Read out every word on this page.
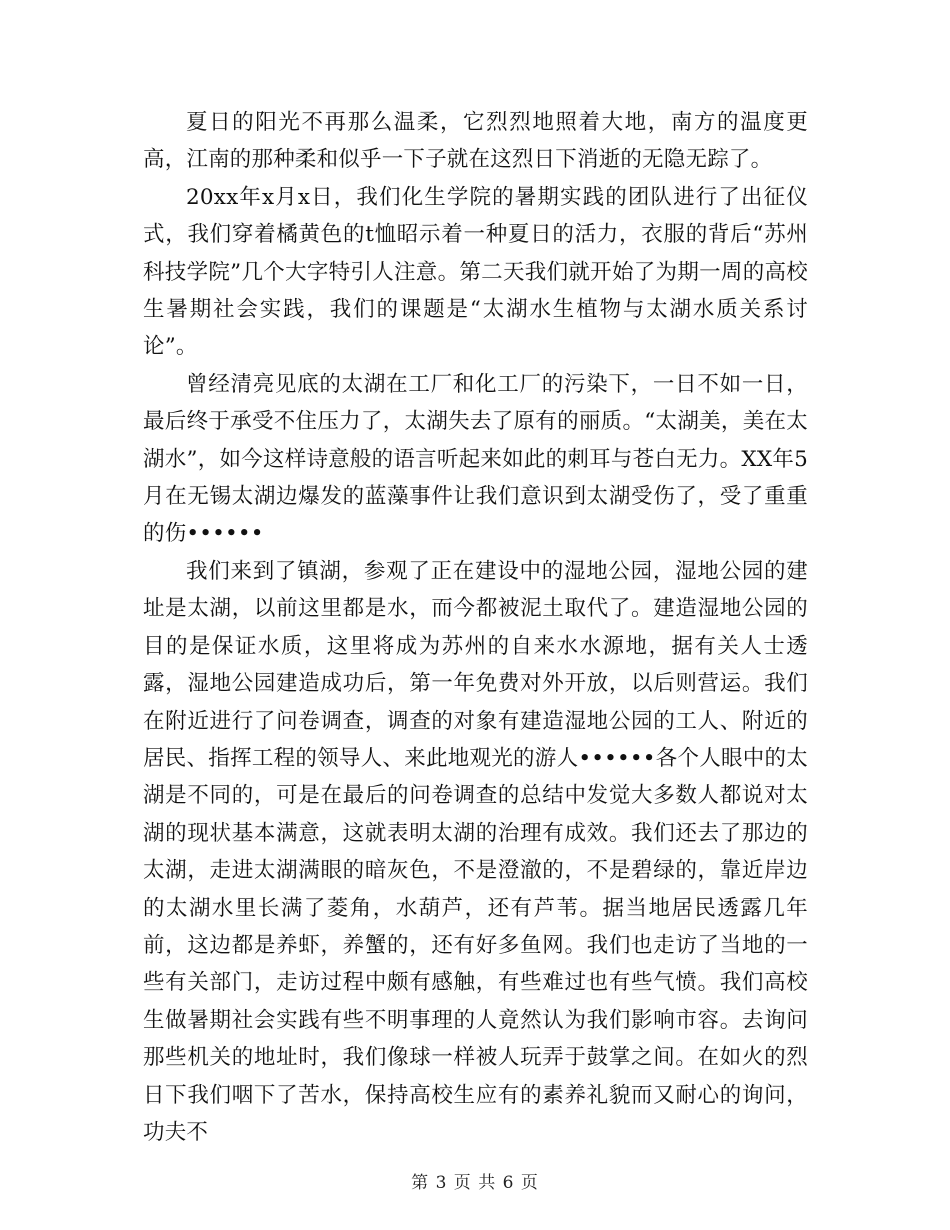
夏日的阳光不再那么温柔，它烈烈地照着大地，南方的温度更高，江南的那种柔和似乎一下子就在这烈日下消逝的无隐无踪了。

20xx年x月x日，我们化生学院的暑期实践的团队进行了出征仪式，我们穿着橘黄色的t恤昭示着一种夏日的活力，衣服的背后“苏州科技学院”几个大字特引人注意。第二天我们就开始了为期一周的高校生暑期社会实践，我们的课题是“太湖水生植物与太湖水质关系讨论”。

曾经清亮见底的太湖在工厂和化工厂的污染下，一日不如一日，最后终于承受不住压力了，太湖失去了原有的丽质。“太湖美，美在太湖水”，如今这样诗意般的语言听起来如此的刺耳与苍白无力。XX年5月在无锡太湖边爆发的蓝藻事件让我们意识到太湖受伤了，受了重重的伤••••••

我们来到了镇湖，参观了正在建设中的湿地公园，湿地公园的建址是太湖，以前这里都是水，而今都被泥土取代了。建造湿地公园的目的是保证水质，这里将成为苏州的自来水水源地，据有关人士透露，湿地公园建造成功后，第一年免费对外开放，以后则营运。我们在附近进行了问卷调查，调查的对象有建造湿地公园的工人、附近的居民、指挥工程的领导人、来此地观光的游人••••••各个人眼中的太湖是不同的，可是在最后的问卷调查的总结中发觉大多数人都说对太湖的现状基本满意，这就表明太湖的治理有成效。我们还去了那边的太湖，走进太湖满眼的暗灰色，不是澄澈的，不是碧绿的，靠近岸边的太湖水里长满了菱角，水葫芦，还有芦苇。据当地居民透露几年前，这边都是养虾，养蟹的，还有好多鱼网。我们也走访了当地的一些有关部门，走访过程中颇有感触，有些难过也有些气愤。我们高校生做暑期社会实践有些不明事理的人竟然认为我们影响市容。去询问那些机关的地址时，我们像球一样被人玩弄于鼓掌之间。在如火的烈日下我们咽下了苦水，保持高校生应有的素养礼貌而又耐心的询问，功夫不

第 3 页 共 6 页
